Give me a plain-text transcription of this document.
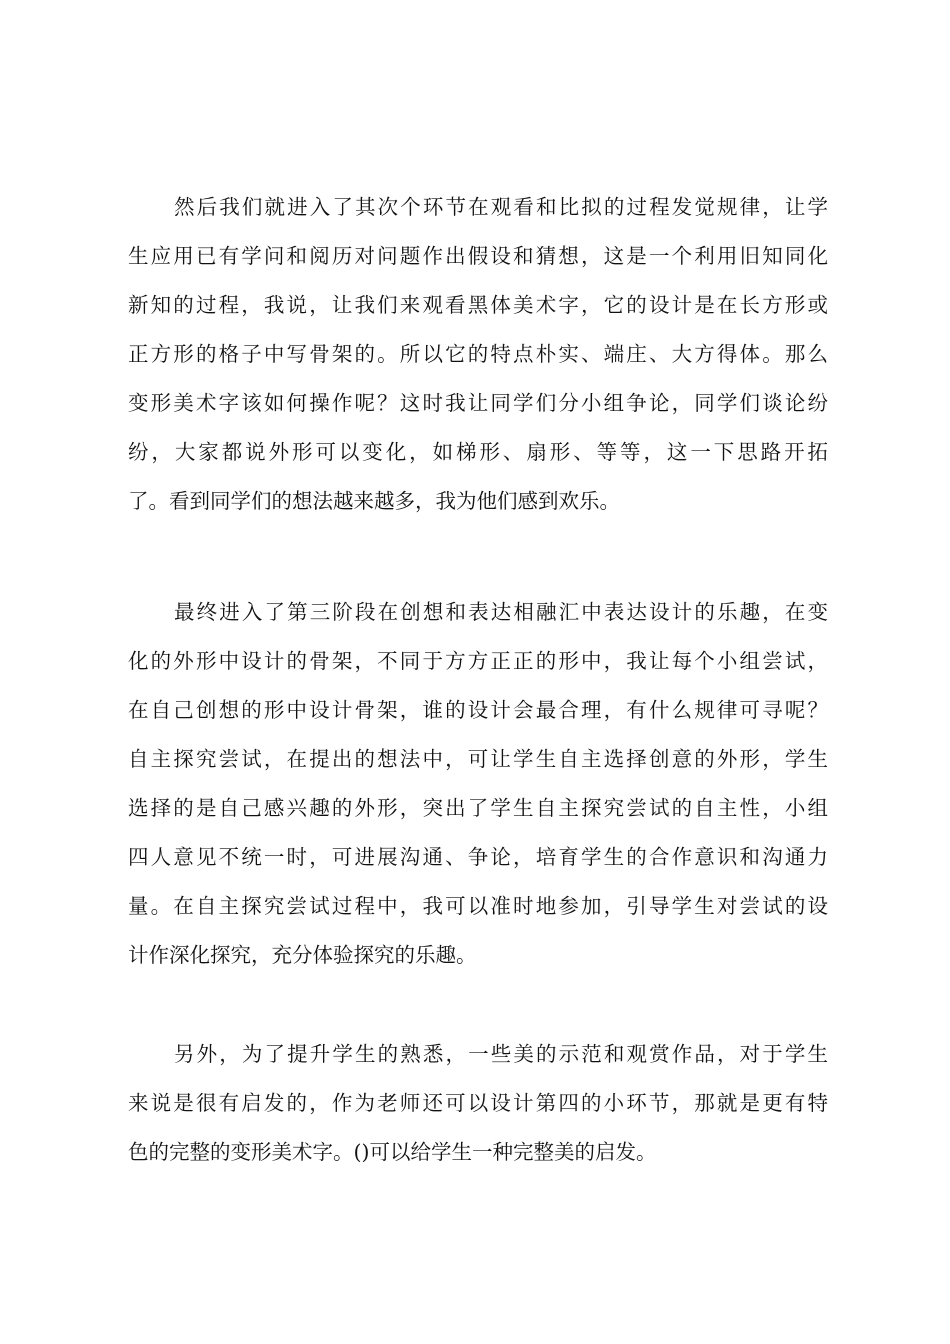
然后我们就进入了其次个环节在观看和比拟的过程发觉规律，让学
生应用已有学问和阅历对问题作出假设和猜想，这是一个利用旧知同化
新知的过程，我说，让我们来观看黑体美术字，它的设计是在长方形或
正方形的格子中写骨架的。所以它的特点朴实、端庄、大方得体。那么
变形美术字该如何操作呢？这时我让同学们分小组争论，同学们谈论纷
纷，大家都说外形可以变化，如梯形、扇形、等等，这一下思路开拓
了。看到同学们的想法越来越多，我为他们感到欢乐。
最终进入了第三阶段在创想和表达相融汇中表达设计的乐趣，在变
化的外形中设计的骨架，不同于方方正正的形中，我让每个小组尝试，
在自己创想的形中设计骨架，谁的设计会最合理，有什么规律可寻呢？
自主探究尝试，在提出的想法中，可让学生自主选择创意的外形，学生
选择的是自己感兴趣的外形，突出了学生自主探究尝试的自主性，小组
四人意见不统一时，可进展沟通、争论，培育学生的合作意识和沟通力
量。在自主探究尝试过程中，我可以准时地参加，引导学生对尝试的设
计作深化探究，充分体验探究的乐趣。
另外，为了提升学生的熟悉，一些美的示范和观赏作品，对于学生
来说是很有启发的，作为老师还可以设计第四的小环节，那就是更有特
色的完整的变形美术字。()可以给学生一种完整美的启发。
